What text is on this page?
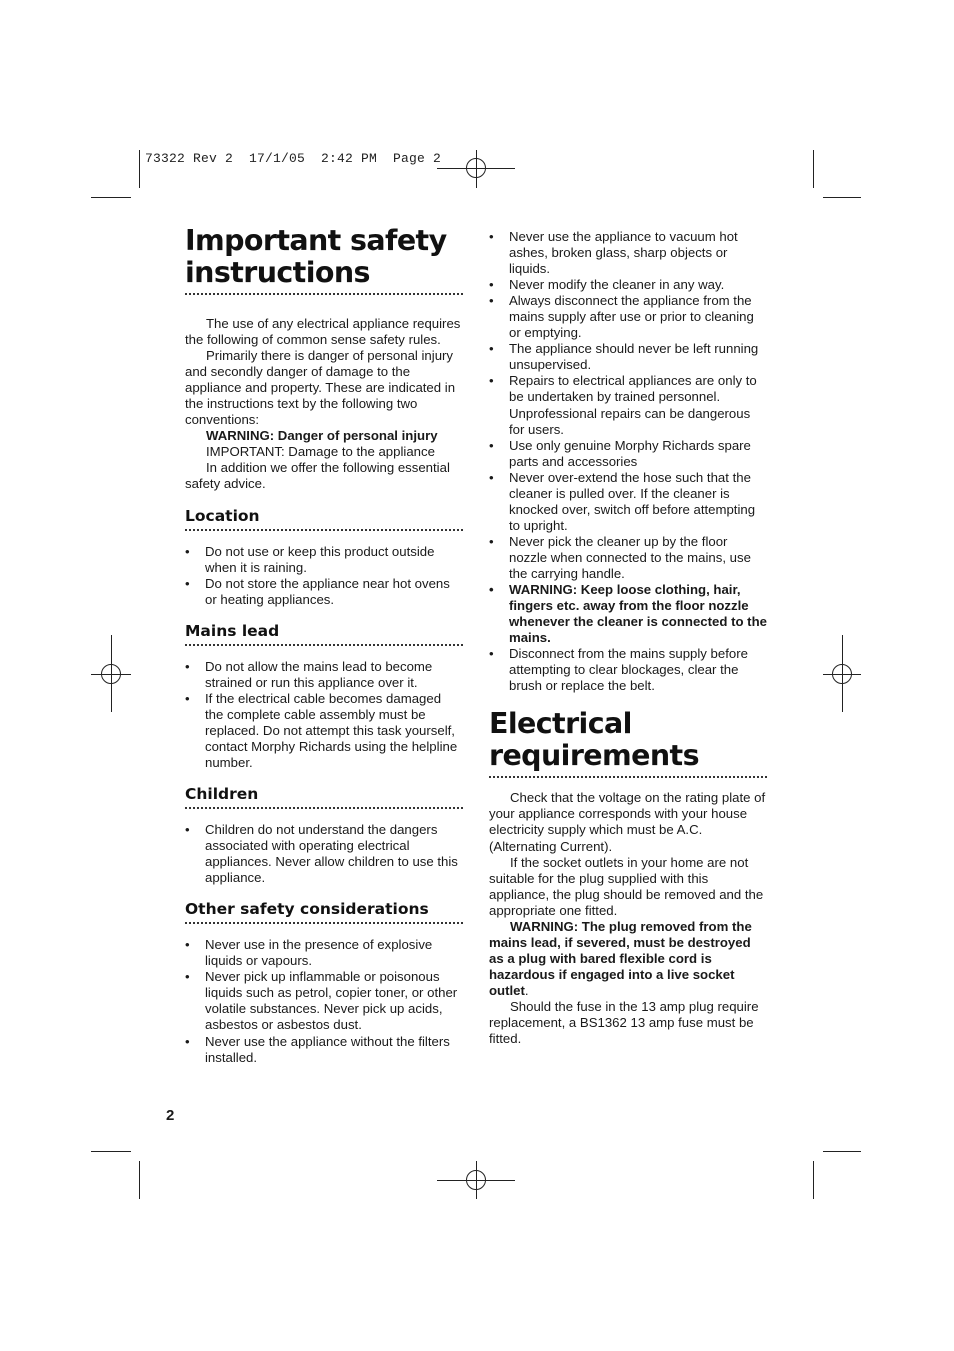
73322 Rev 2  17/1/05  2:42 PM  Page 2
Important safety
instructions

The use of any electrical appliance requires the following of common sense safety rules.

Primarily there is danger of personal injury and secondly danger of damage to the appliance and property. These are indicated in the instructions text by the following two conventions:

WARNING: Danger of personal injury

IMPORTANT: Damage to the appliance

In addition we offer the following essential safety advice.

Location
• Do not use or keep this product outside when it is raining.
• Do not store the appliance near hot ovens or heating appliances.
Mains lead
• Do not allow the mains lead to become strained or run this appliance over it.
• If the electrical cable becomes damaged the complete cable assembly must be replaced. Do not attempt this task yourself, contact Morphy Richards using the helpline number.
Children
• Children do not understand the dangers associated with operating electrical appliances. Never allow children to use this appliance.
Other safety considerations
• Never use in the presence of explosive liquids or vapours.
• Never pick up inflammable or poisonous liquids such as petrol, copier toner, or other volatile substances. Never pick up acids, asbestos or asbestos dust.
• Never use the appliance without the filters installed.
• Never use the appliance to vacuum hot ashes, broken glass, sharp objects or liquids.
• Never modify the cleaner in any way.
• Always disconnect the appliance from the mains supply after use or prior to cleaning or emptying.
• The appliance should never be left running unsupervised.
• Repairs to electrical appliances are only to be undertaken by trained personnel. Unprofessional repairs can be dangerous for users.
• Use only genuine Morphy Richards spare parts and accessories
• Never over-extend the hose such that the cleaner is pulled over. If the cleaner is knocked over, switch off before attempting to upright.
• Never pick the cleaner up by the floor nozzle when connected to the mains, use the carrying handle.
• WARNING: Keep loose clothing, hair, fingers etc. away from the floor nozzle whenever the cleaner is connected to the mains.
• Disconnect from the mains supply before attempting to clear blockages, clear the brush or replace the belt.
Electrical
requirements

Check that the voltage on the rating plate of your appliance corresponds with your house electricity supply which must be A.C. (Alternating Current).

If the socket outlets in your home are not suitable for the plug supplied with this appliance, the plug should be removed and the appropriate one fitted.

WARNING: The plug removed from the mains lead, if severed, must be destroyed as a plug with bared flexible cord is hazardous if engaged into a live socket outlet.

Should the fuse in the 13 amp plug require replacement, a BS1362 13 amp fuse must be fitted.

2
